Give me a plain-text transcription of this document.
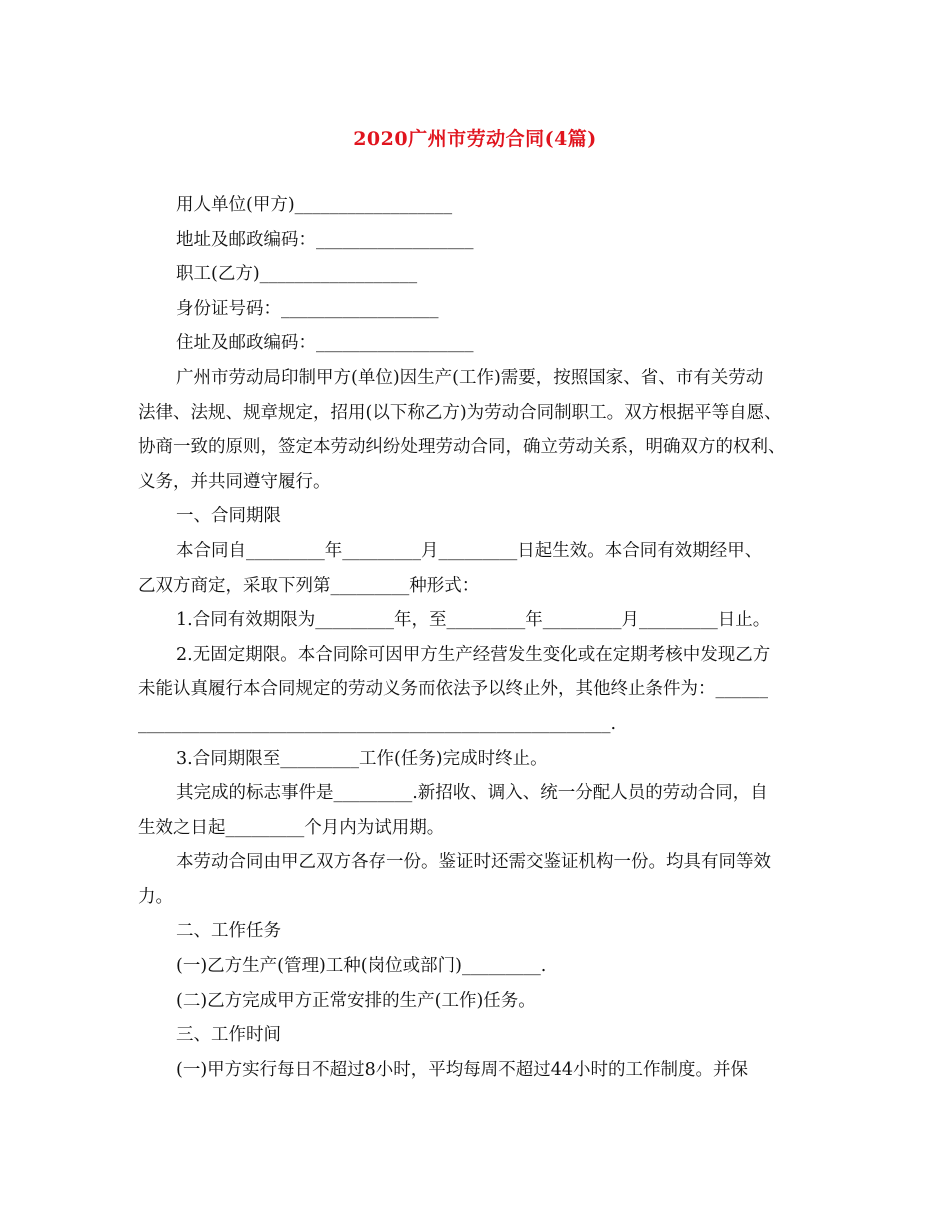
2020广州市劳动合同(4篇)
用人单位(甲方)__________________
地址及邮政编码：__________________
职工(乙方)__________________
身份证号码：__________________
住址及邮政编码：__________________
广州市劳动局印制甲方(单位)因生产(工作)需要，按照国家、省、市有关劳动
法律、法规、规章规定，招用(以下称乙方)为劳动合同制职工。双方根据平等自愿、
协商一致的原则，签定本劳动纠纷处理劳动合同，确立劳动关系，明确双方的权利、
义务，并共同遵守履行。
一、合同期限
本合同自_________年_________月_________日起生效。本合同有效期经甲、
乙双方商定，采取下列第_________种形式：
1.合同有效期限为_________年，至_________年_________月_________日止。
2.无固定期限。本合同除可因甲方生产经营发生变化或在定期考核中发现乙方
未能认真履行本合同规定的劳动义务而依法予以终止外，其他终止条件为：______
______________________________________________________.
3.合同期限至_________工作(任务)完成时终止。
其完成的标志事件是_________.新招收、调入、统一分配人员的劳动合同，自
生效之日起_________个月内为试用期。
本劳动合同由甲乙双方各存一份。鉴证时还需交鉴证机构一份。均具有同等效
力。
二、工作任务
(一)乙方生产(管理)工种(岗位或部门)_________.
(二)乙方完成甲方正常安排的生产(工作)任务。
三、工作时间
(一)甲方实行每日不超过8小时，平均每周不超过44小时的工作制度。并保
